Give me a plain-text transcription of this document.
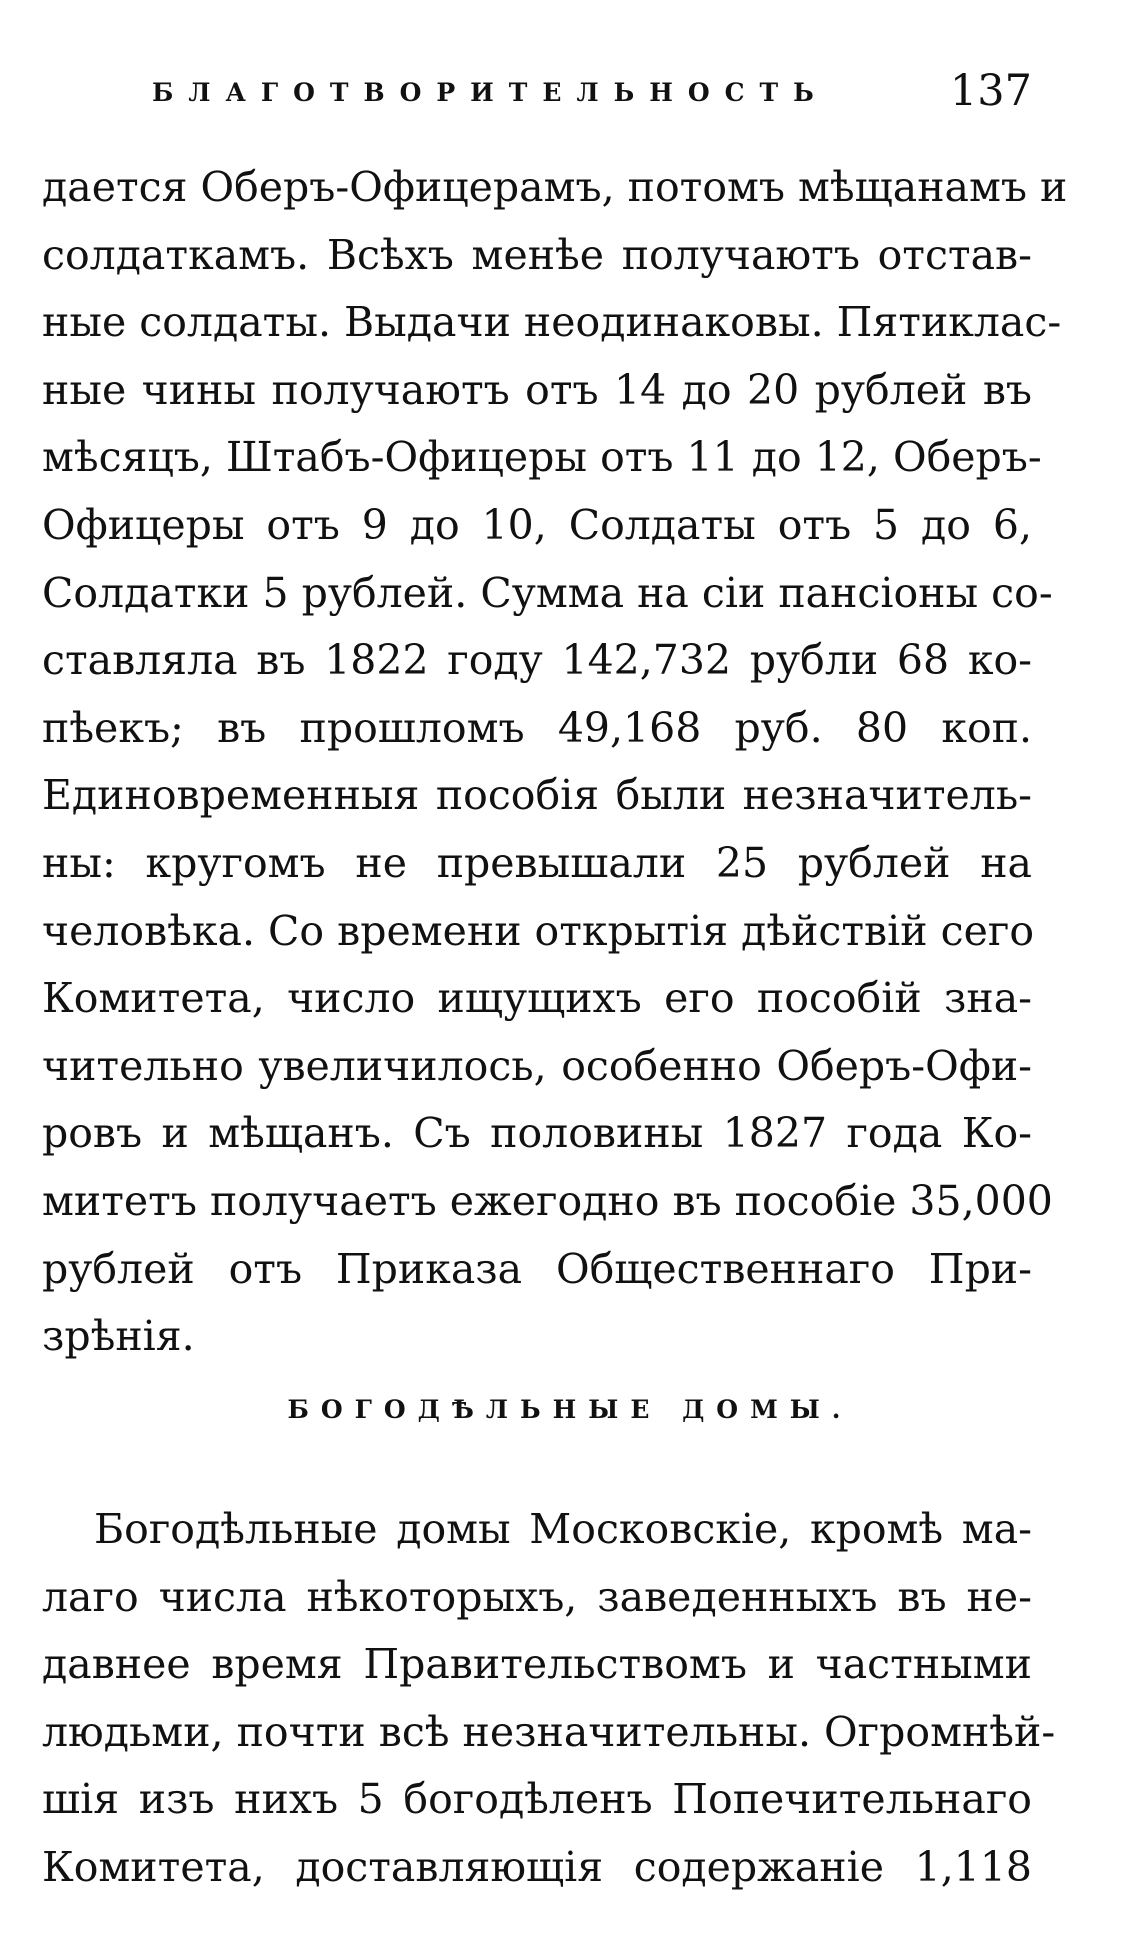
БЛАГОТВОРИТЕЛЬНОСТЬ	137
дается Оберъ-Офицерамъ, потомъ мѣщанамъ и
солдаткамъ. Всѣхъ менѣе получаютъ отстав-
ные солдаты. Выдачи неодинаковы. Пятиклас-
ные чины получаютъ отъ 14 до 20 рублей въ
мѣсяцъ, Штабъ-Офицеры отъ 11 до 12, Оберъ-
Офицеры отъ 9 до 10, Солдаты отъ 5 до 6,
Солдатки 5 рублей. Сумма на сіи пансіоны со-
ставляла въ 1822 году 142,732 рубли 68 ко-
пѣекъ; въ прошломъ 49,168 руб. 80 коп.
Единовременныя пособія были незначитель-
ны: кругомъ не превышали 25 рублей на
человѣка. Со времени открытія дѣйствій сего
Комитета, число ищущихъ его пособій зна-
чительно увеличилось, особенно Оберъ-Офи-
ровъ и мѣщанъ. Съ половины 1827 года Ко-
митетъ получаетъ ежегодно въ пособіе 35,000
рублей отъ Приказа Общественнаго При-
зрѣнія.
БОГОДѢЛЬНЫЕ ДОМЫ.
Богодѣльные домы Московскіе, кромѣ ма-
лаго числа нѣкоторыхъ, заведенныхъ въ не-
давнее время Правительствомъ и частными
людьми, почти всѣ незначительны. Огромнѣй-
шія изъ нихъ 5 богодѣленъ Попечительнаго
Комитета, доставляющія содержаніе 1,118
